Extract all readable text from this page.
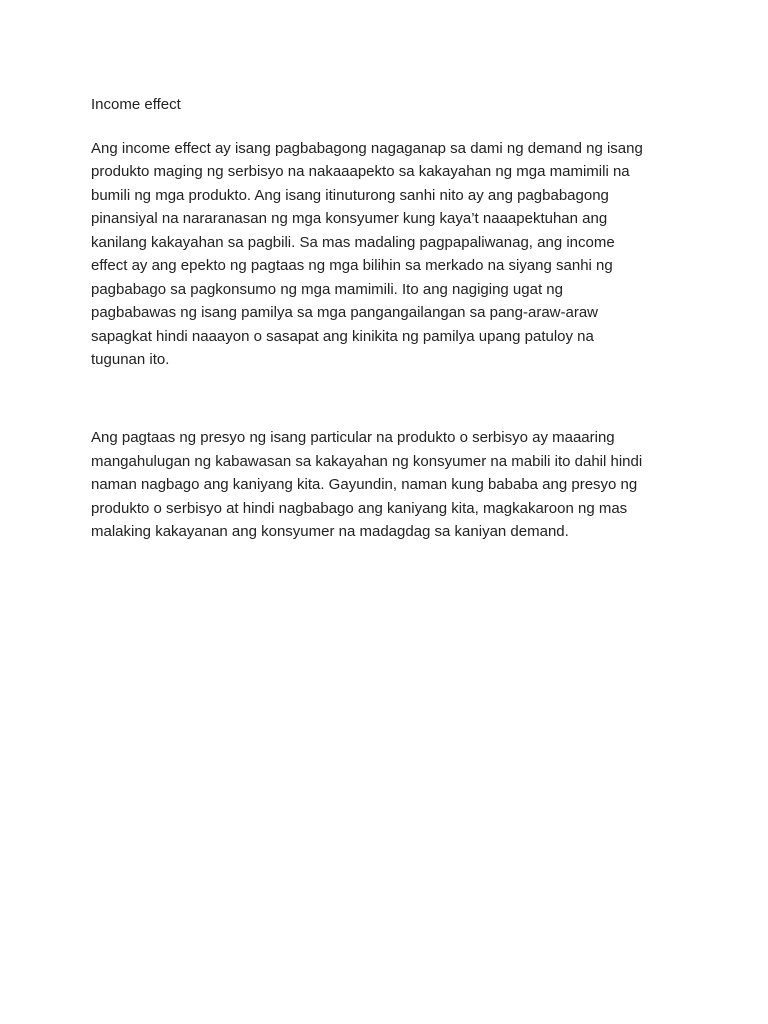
Income effect
Ang income effect ay isang pagbabagong nagaganap sa dami ng demand ng isang
produkto maging ng serbisyo na nakaaapekto sa kakayahan ng mga mamimili na
bumili ng mga produkto. Ang isang itinuturong sanhi nito ay ang pagbabagong
pinansiyal na nararanasan ng mga konsyumer kung kaya’t naaapektuhan ang
kanilang kakayahan sa pagbili. Sa mas madaling pagpapaliwanag, ang income
effect ay ang epekto ng pagtaas ng mga bilihin sa merkado na siyang sanhi ng
pagbabago sa pagkonsumo ng mga mamimili. Ito ang nagiging ugat ng
pagbabawas ng isang pamilya sa mga pangangailangan sa pang-araw-araw
sapagkat hindi naaayon o sasapat ang kinikita ng pamilya upang patuloy na
tugunan ito.
Ang pagtaas ng presyo ng isang particular na produkto o serbisyo ay maaaring
mangahulugan ng kabawasan sa kakayahan ng konsyumer na mabili ito dahil hindi
naman nagbago ang kaniyang kita. Gayundin, naman kung bababa ang presyo ng
produkto o serbisyo at hindi nagbabago ang kaniyang kita, magkakaroon ng mas
malaking kakayanan ang konsyumer na madagdag sa kaniyan demand.
